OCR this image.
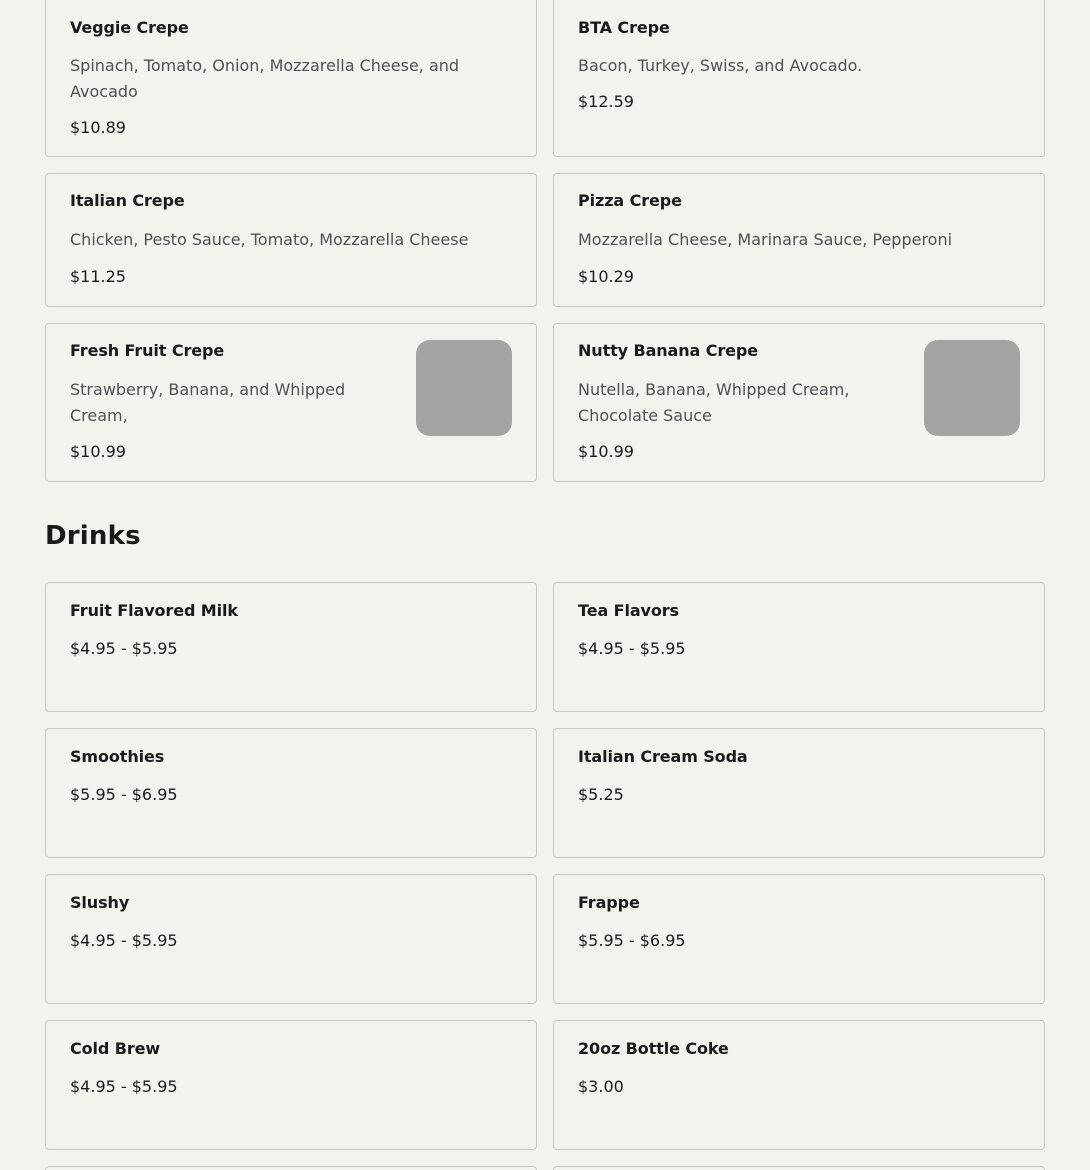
Veggie Crepe
Spinach, Tomato, Onion, Mozzarella Cheese, and Avocado
$10.89
BTA Crepe
Bacon, Turkey, Swiss, and Avocado.
$12.59
Italian Crepe
Chicken, Pesto Sauce, Tomato, Mozzarella Cheese
$11.25
Pizza Crepe
Mozzarella Cheese, Marinara Sauce, Pepperoni
$10.29
Fresh Fruit Crepe
Strawberry, Banana, and Whipped Cream,
$10.99
Nutty Banana Crepe
Nutella, Banana, Whipped Cream, Chocolate Sauce
$10.99
Drinks
Fruit Flavored Milk
$4.95 - $5.95
Tea Flavors
$4.95 - $5.95
Smoothies
$5.95 - $6.95
Italian Cream Soda
$5.25
Slushy
$4.95 - $5.95
Frappe
$5.95 - $6.95
Cold Brew
$4.95 - $5.95
20oz Bottle Coke
$3.00
